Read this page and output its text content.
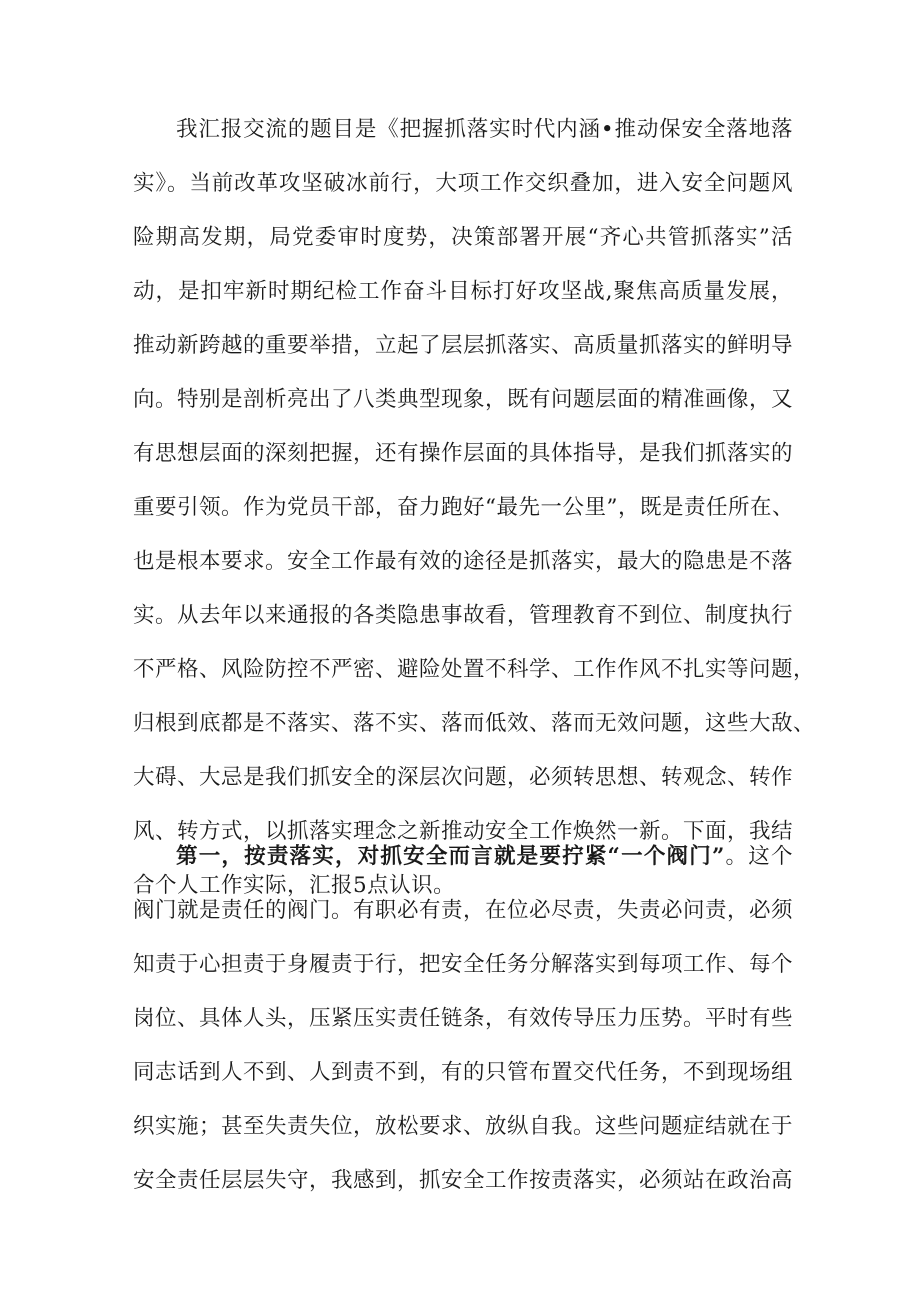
我汇报交流的题目是《把握抓落实时代内涵•推动保安全落地落
实》。当前改革攻坚破冰前行，大项工作交织叠加，进入安全问题风
险期高发期，局党委审时度势，决策部署开展“齐心共管抓落实”活
动，是扣牢新时期纪检工作奋斗目标打好攻坚战,聚焦高质量发展，
推动新跨越的重要举措，立起了层层抓落实、高质量抓落实的鲜明导
向。特别是剖析亮出了八类典型现象，既有问题层面的精准画像，又
有思想层面的深刻把握，还有操作层面的具体指导，是我们抓落实的
重要引领。作为党员干部，奋力跑好“最先一公里”，既是责任所在、
也是根本要求。安全工作最有效的途径是抓落实，最大的隐患是不落
实。从去年以来通报的各类隐患事故看，管理教育不到位、制度执行
不严格、风险防控不严密、避险处置不科学、工作作风不扎实等问题，
归根到底都是不落实、落不实、落而低效、落而无效问题，这些大敌、
大碍、大忌是我们抓安全的深层次问题，必须转思想、转观念、转作
风、转方式，以抓落实理念之新推动安全工作焕然一新。下面，我结
合个人工作实际，汇报5点认识。
第一，按责落实，对抓安全而言就是要拧紧“一个阀门”。这个
阀门就是责任的阀门。有职必有责，在位必尽责，失责必问责，必须
知责于心担责于身履责于行，把安全任务分解落实到每项工作、每个
岗位、具体人头，压紧压实责任链条，有效传导压力压势。平时有些
同志话到人不到、人到责不到，有的只管布置交代任务，不到现场组
织实施；甚至失责失位，放松要求、放纵自我。这些问题症结就在于
安全责任层层失守，我感到，抓安全工作按责落实，必须站在政治高
